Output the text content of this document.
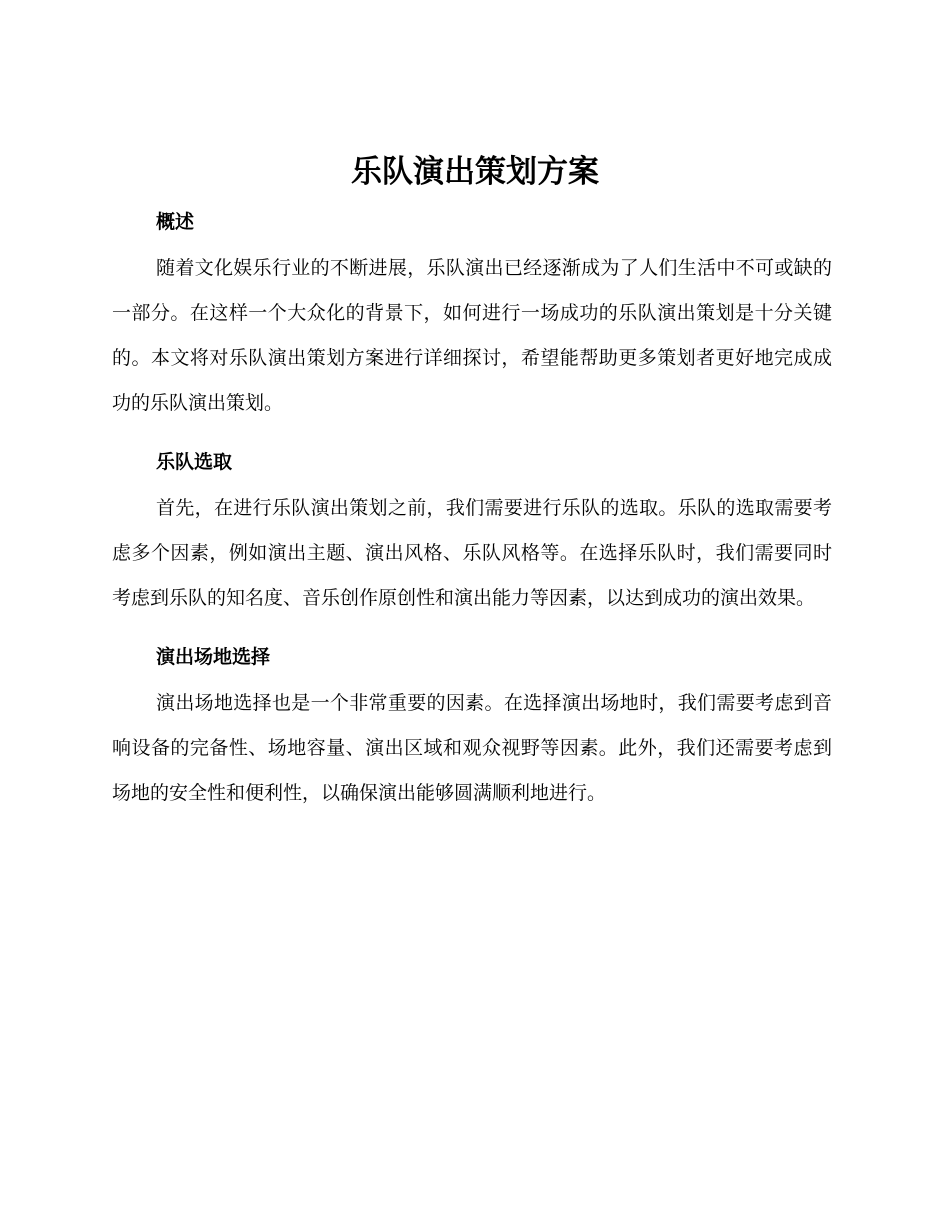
乐队演出策划方案
概述

随着文化娱乐行业的不断进展，乐队演出已经逐渐成为了人们生活中不可或缺的一部分。在这样一个大众化的背景下，如何进行一场成功的乐队演出策划是十分关键的。本文将对乐队演出策划方案进行详细探讨，希望能帮助更多策划者更好地完成成功的乐队演出策划。

乐队选取

首先，在进行乐队演出策划之前，我们需要进行乐队的选取。乐队的选取需要考虑多个因素，例如演出主题、演出风格、乐队风格等。在选择乐队时，我们需要同时考虑到乐队的知名度、音乐创作原创性和演出能力等因素，以达到成功的演出效果。

演出场地选择

演出场地选择也是一个非常重要的因素。在选择演出场地时，我们需要考虑到音响设备的完备性、场地容量、演出区域和观众视野等因素。此外，我们还需要考虑到场地的安全性和便利性，以确保演出能够圆满顺利地进行。
